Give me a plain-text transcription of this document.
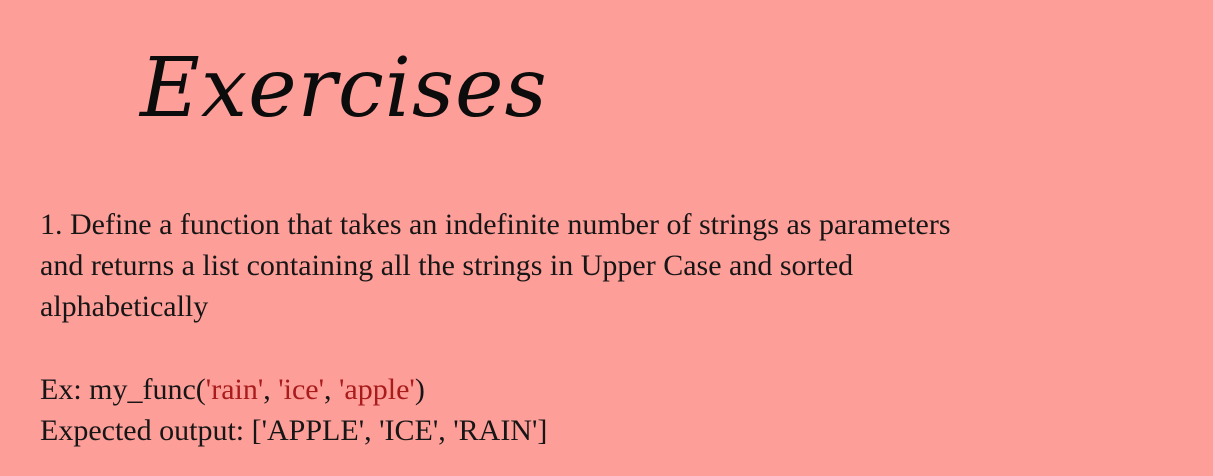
Exercises
1. Define a function that takes an indefinite number of strings as parameters
and returns a list containing all the strings in Upper Case and sorted
alphabetically
Ex: my_func('rain', 'ice', 'apple')
Expected output: ['APPLE', 'ICE', 'RAIN']
